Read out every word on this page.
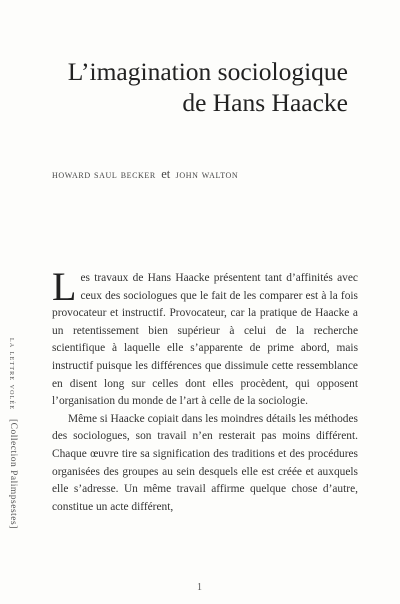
L’imagination sociologique
de Hans Haacke
howard saul becker et john walton

Les travaux de Hans Haacke présentent tant d’affinités avec ceux des sociologues que le fait de les comparer est à la fois provocateur et instructif. Provocateur, car la pratique de Haacke a un retentissement bien supérieur à celui de la recherche scientifique à laquelle elle s’apparente de prime abord, mais instructif puisque les différences que dissimule cette ressemblance en disent long sur celles dont elles procèdent, qui opposent l’organisation du monde de l’art à celle de la sociologie.

Même si Haacke copiait dans les moindres détails les méthodes des sociologues, son travail n’en resterait pas moins différent. Chaque œuvre tire sa signification des traditions et des procédures organisées des groupes au sein desquels elle est créée et auxquels elle s’adresse. Un même travail affirme quelque chose d’autre, constitue un acte différent,

la lettre volée [Collection Palimpsestes]
1
